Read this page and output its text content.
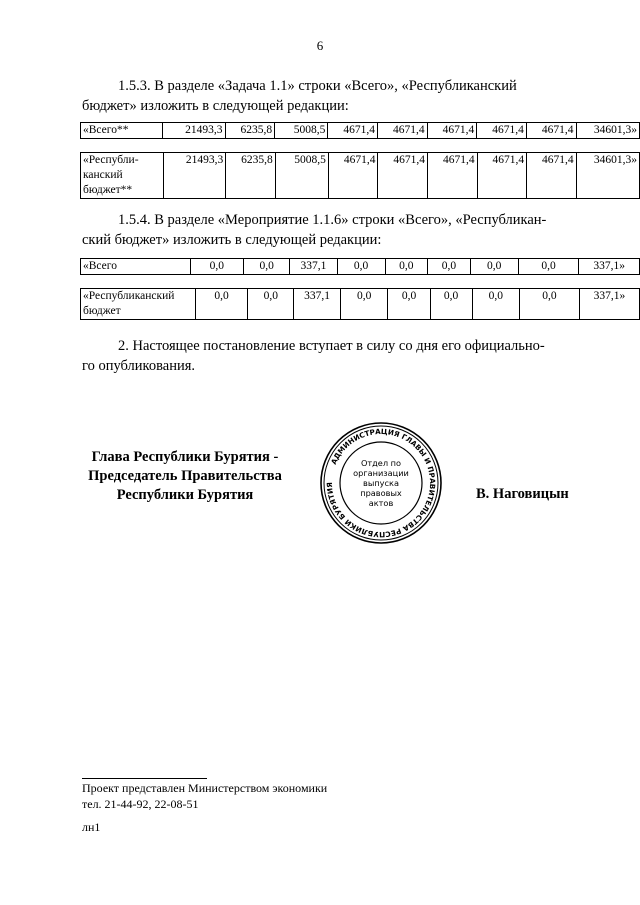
6

1.5.3. В разделе «Задача 1.1» строки «Всего», «Республиканский

бюджет» изложить в следующей редакции:

«Всего**	21493,3	6235,8	5008,5	4671,4	4671,4	4671,4	4671,4	4671,4	34601,3»
«Республи-
канский
бюджет**	21493,3	6235,8	5008,5	4671,4	4671,4	4671,4	4671,4	4671,4	34601,3»

1.5.4. В разделе «Мероприятие 1.1.6» строки «Всего», «Республикан-

ский бюджет» изложить в следующей редакции:

«Всего	0,0	0,0	337,1	0,0	0,0	0,0	0,0	0,0	337,1»
«Республиканский
бюджет	0,0	0,0	337,1	0,0	0,0	0,0	0,0	0,0	337,1»

2. Настоящее постановление вступает в силу со дня его официально-

го опубликования.

Глава Республики Бурятия -
Председатель Правительства
Республики Бурятия
АДМИНИСТРАЦИЯ ГЛАВЫ И ПРАВИТЕЛЬСТВА РЕСПУБЛИКИ БУРЯТИЯ
Отдел по
организации
выпуска
правовых
актов
В. Наговицын
Проект представлен Министерством экономики
тел. 21-44-92, 22-08-51
лн1
